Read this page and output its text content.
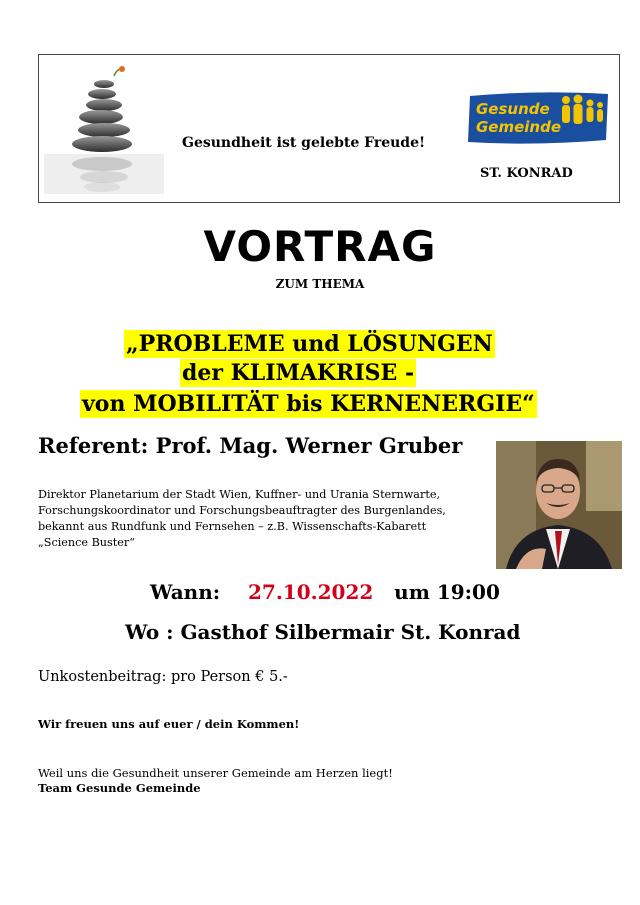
Gesundheit ist gelebte Freude!
Gesunde
Gemeinde
ST. KONRAD
VORTRAG
ZUM THEMA
„PROBLEME und LÖSUNGEN
der KLIMAKRISE -
von MOBILITÄT bis KERNENERGIE“
Referent: Prof. Mag. Werner Gruber
Direktor Planetarium der Stadt Wien, Kuffner- und Urania Sternwarte,
Forschungskoordinator und Forschungsbeauftragter des Burgenlandes,
bekannt aus Rundfunk und Fernsehen – z.B. Wissenschafts-Kabarett
„Science Buster“
Wann: 27.10.2022 um 19:00
Wo : Gasthof Silbermair St. Konrad
Unkostenbeitrag: pro Person € 5.-
Wir freuen uns auf euer / dein Kommen!
Weil uns die Gesundheit unserer Gemeinde am Herzen liegt!
Team Gesunde Gemeinde
